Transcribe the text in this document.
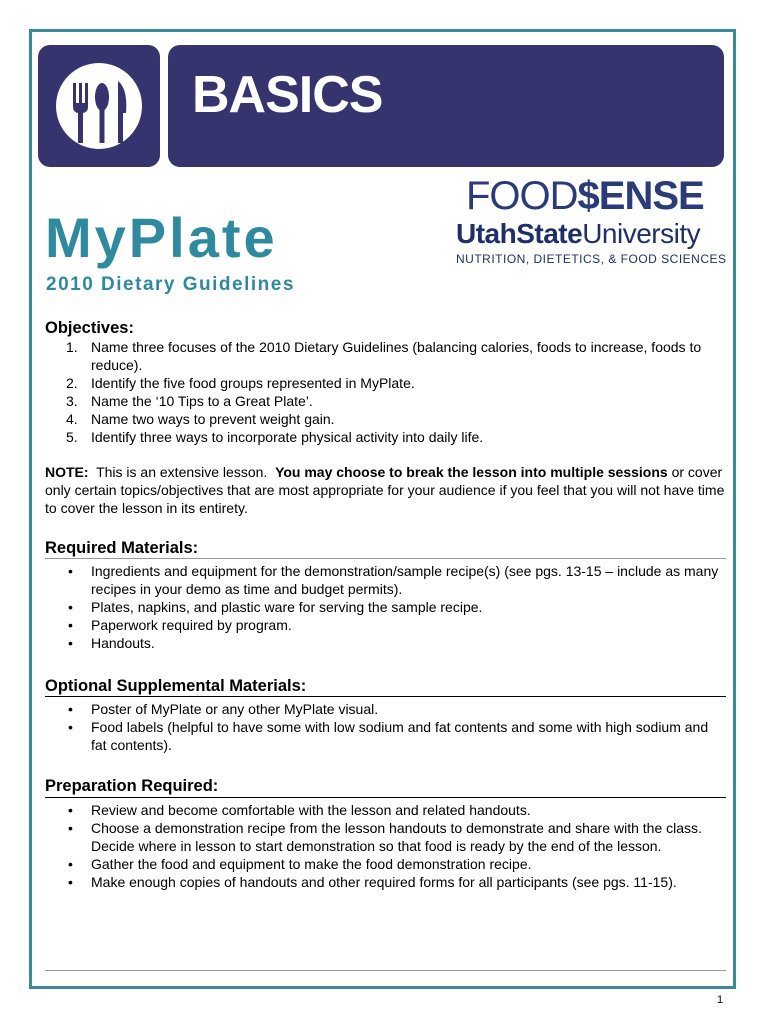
BASICS
MyPlate
2010 Dietary Guidelines
FOOD$ENSE
UtahStateUniversity
NUTRITION, DIETETICS, & FOOD SCIENCES
Objectives:
1. Name three focuses of the 2010 Dietary Guidelines (balancing calories, foods to increase, foods to reduce).
2. Identify the five food groups represented in MyPlate.
3. Name the ‘10 Tips to a Great Plate’.
4. Name two ways to prevent weight gain.
5. Identify three ways to incorporate physical activity into daily life.
NOTE:  This is an extensive lesson.  You may choose to break the lesson into multiple sessions or cover only certain topics/objectives that are most appropriate for your audience if you feel that you will not have time to cover the lesson in its entirety.
Required Materials:
• Ingredients and equipment for the demonstration/sample recipe(s) (see pgs. 13-15 – include as many recipes in your demo as time and budget permits).
• Plates, napkins, and plastic ware for serving the sample recipe.
• Paperwork required by program.
• Handouts.
Optional Supplemental Materials:
• Poster of MyPlate or any other MyPlate visual.
• Food labels (helpful to have some with low sodium and fat contents and some with high sodium and fat contents).
Preparation Required:
• Review and become comfortable with the lesson and related handouts.
• Choose a demonstration recipe from the lesson handouts to demonstrate and share with the class. Decide where in lesson to start demonstration so that food is ready by the end of the lesson.
• Gather the food and equipment to make the food demonstration recipe.
• Make enough copies of handouts and other required forms for all participants (see pgs. 11-15).
1
